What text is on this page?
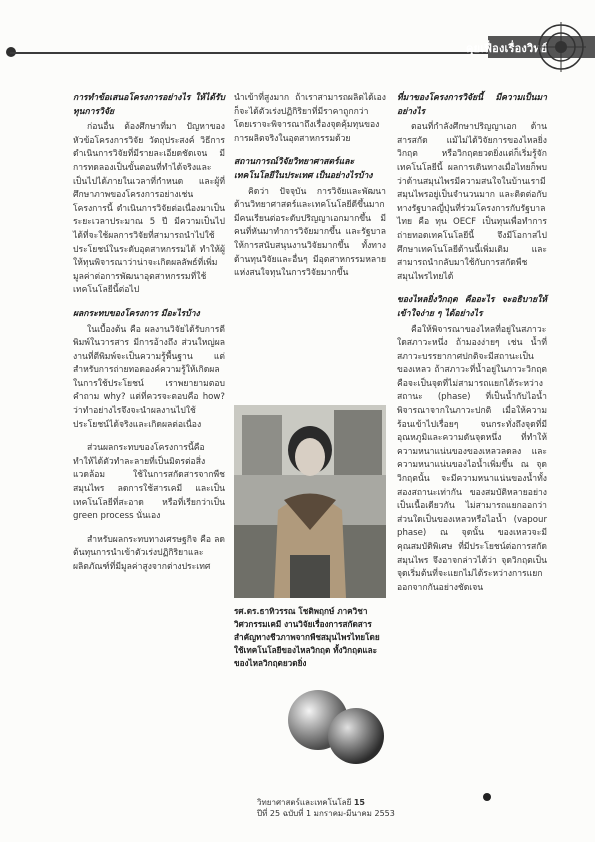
คุยเฟื่องเรื่องวิทย์
การทำข้อเสนอโครงการอย่างไร ให้ได้รับทุนการวิจัย
ก่อนอื่น ต้องศึกษาที่มา ปัญหาของหัวข้อโครงการวิจัย วัตถุประสงค์ วิธีการดำเนินการวิจัยที่มีรายละเอียดชัดเจน มีการทดลองเป็นขั้นตอนที่ทำได้จริงและเป็นไปได้ภายในเวลาที่กำหนด และผู้ที่ศึกษาภาพของโครงการอย่างเช่น โครงการนี้ ดำเนินการวิจัยต่อเนื่องมาเป็นระยะเวลาประมาณ 5 ปี มีความเป็นไปได้ที่จะใช้ผลการวิจัยที่สามารถนำไปใช้ประโยชน์ในระดับอุตสาหกรรมได้ ทำให้ผู้ให้ทุนพิจารณาว่าน่าจะเกิดผลลัพธ์ที่เพิ่มมูลค่าต่อการพัฒนาอุตสาหกรรมที่ใช้เทคโนโลยีนี้ต่อไป
ผลกระทบของโครงการ มีอะไรบ้าง
ในเบื้องต้น คือ ผลงานวิจัยได้รับการตีพิมพ์ในวารสาร มีการอ้างถึง ส่วนใหญ่ผลงานที่ตีพิมพ์จะเป็นความรู้พื้นฐาน แต่สำหรับการถ่ายทอดองค์ความรู้ให้เกิดผลในการใช้ประโยชน์ เราพยายามตอบคำถาม why? แต่ที่ควรจะตอบคือ how? ว่าทำอย่างไรจึงจะนำผลงานไปใช้ประโยชน์ได้จริงและเกิดผลต่อเนื่อง
ส่วนผลกระทบของโครงการนี้คือ ทำให้ได้ตัวทำละลายที่เป็นมิตรต่อสิ่งแวดล้อม ใช้ในการสกัดสารจากพืชสมุนไพร ลดการใช้สารเคมี และเป็นเทคโนโลยีที่สะอาด หรือที่เรียกว่าเป็น green process นั่นเอง
สำหรับผลกระทบทางเศรษฐกิจ คือ ลดต้นทุนการนำเข้าตัวเร่งปฏิกิริยาและผลิตภัณฑ์ที่มีมูลค่าสูงจากต่างประเทศ
นำเข้าที่สูงมาก ถ้าเราสามารถผลิตได้เองก็จะได้ตัวเร่งปฏิกิริยาที่มีราคาถูกกว่า โดยเราจะพิจารณาถึงเรื่องจุดคุ้มทุนของการผลิตจริงในอุตสาหกรรมด้วย
สถานการณ์วิจัยวิทยาศาสตร์และเทคโนโลยีในประเทศ เป็นอย่างไรบ้าง
คิดว่า ปัจจุบัน การวิจัยและพัฒนาด้านวิทยาศาสตร์และเทคโนโลยีดีขึ้นมาก มีคนเรียนต่อระดับปริญญาเอกมากขึ้น มีคนที่หันมาทำการวิจัยมากขึ้น และรัฐบาลให้การสนับสนุนงานวิจัยมากขึ้น ทั้งทางด้านทุนวิจัยและอื่นๆ มีอุตสาหกรรมหลายแห่งสนใจทุนในการวิจัยมากขึ้น
รศ.ดร.ธาทิวรรณ โชติพฤกษ์ ภาควิชาวิศวกรรมเคมี งานวิจัยเรื่องการสกัดสารสำคัญทางชีวภาพจากพืชสมุนไพรไทยโดยใช้เทคโนโลยีของไหลวิกฤต ทั้งวิกฤตและของไหลวิกฤตยวดยิ่ง
ที่มาของโครงการวิจัยนี้ มีความเป็นมาอย่างไร
ตอนที่กำลังศึกษาปริญญาเอก ด้านสารสกัด แม้ไม่ได้วิจัยการของไหลยิ่งวิกฤต หรือวิกฤตยวดยิ่งแต่ก็เริ่มรู้จักเทคโนโลยีนี้ ผลการเดินทางเมื่อไทยก็พบว่าด้านสมุนไพรมีความสนใจในบ้านเรามีสมุนไพรอยู่เป็นจำนวนมาก และติดต่อกับทางรัฐบาลญี่ปุ่นที่ร่วมโครงการกับรัฐบาลไทย คือ ทุน OECF เป็นทุนเพื่อทำการถ่ายทอดเทคโนโลยีนี้ จึงมีโอกาสไปศึกษาเทคโนโลยีด้านนี้เพิ่มเติม และสามารถนำกลับมาใช้กับการสกัดพืชสมุนไพรไทยได้
ของไหลยิ่งวิกฤต คืออะไร จะอธิบายให้เข้าใจง่าย ๆ ได้อย่างไร
คือให้พิจารณาของไหลที่อยู่ในสภาวะใดสภาวะหนึ่ง ถ้ามองง่ายๆ เช่น น้ำที่สภาวะบรรยากาศปกติจะมีสถานะเป็นของเหลว ถ้าสภาวะที่น้ำอยู่ในภาวะวิกฤต คือจะเป็นจุดที่ไม่สามารถแยกได้ระหว่างสถานะ (phase) ที่เป็นน้ำกับไอน้ำ พิจารณาจากในภาวะปกติ เมื่อให้ความร้อนเข้าไปเรื่อยๆ จนกระทั่งถึงจุดที่มีอุณหภูมิและความดันจุดหนึ่ง ที่ทำให้ความหนาแน่นของของเหลวลดลง และความหนาแน่นของไอน้ำเพิ่มขึ้น ณ จุดวิกฤตนั้น จะมีความหนาแน่นของน้ำทั้งสองสถานะเท่ากัน ของสมบัติหลายอย่างเป็นเนื้อเดียวกัน ไม่สามารถแยกออกว่าส่วนใดเป็นของเหลวหรือไอน้ำ (vapour phase) ณ จุดนั้น ของเหลวจะมีคุณสมบัติพิเศษ ที่มีประโยชน์ต่อการสกัดสมุนไพร จึงอาจกล่าวได้ว่า จุดวิกฤตเป็นจุดเริ่มต้นที่จะแยกไม่ได้ระหว่างการแยกออกจากกันอย่างชัดเจน
วิทยาศาสตร์และเทคโนโลยี 15
ปีที่ 25 ฉบับที่ 1 มกราคม-มีนาคม 2553
